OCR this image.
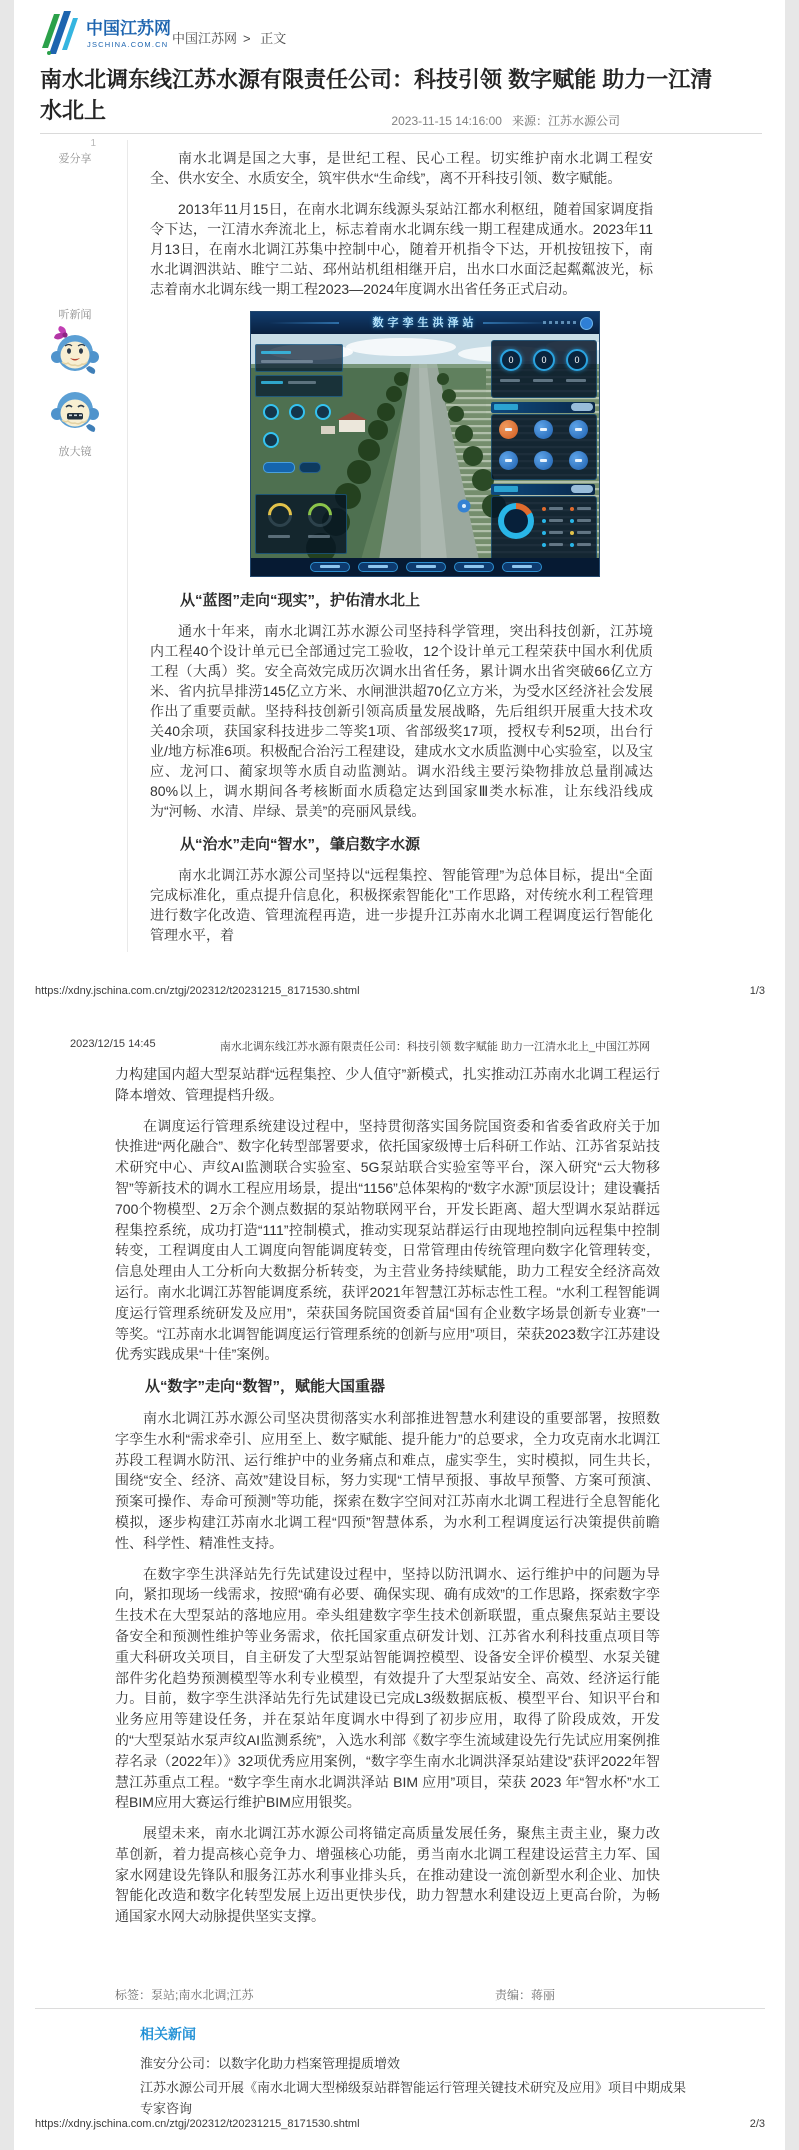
中国江苏网
JSCHINA.COM.CN 中国江苏网 > 正文
南水北调东线江苏水源有限责任公司：科技引领 数字赋能 助力一江清水北上	2023-11-15 14:16:00 来源：江苏水源公司
1
爱分享
听新闻

放大镜

南水北调是国之大事，是世纪工程、民心工程。切实维护南水北调工程安全、供水安全、水质安全，筑牢供水“生命线”，离不开科技引领、数字赋能。

2013年11月15日，在南水北调东线源头泵站江都水利枢纽，随着国家调度指令下达，一江清水奔流北上，标志着南水北调东线一期工程建成通水。2023年11月13日，在南水北调江苏集中控制中心，随着开机指令下达，开机按钮按下，南水北调泗洪站、睢宁二站、邳州站机组相继开启，出水口水面泛起粼粼波光，标志着南水北调东线一期工程2023—2024年度调水出省任务正式启动。

数字孪生洪泽站
0	0	0
从“蓝图”走向“现实”，护佑清水北上

通水十年来，南水北调江苏水源公司坚持科学管理，突出科技创新，江苏境内工程40个设计单元已全部通过完工验收，12个设计单元工程荣获中国水利优质工程（大禹）奖。安全高效完成历次调水出省任务，累计调水出省突破66亿立方米、省内抗旱排涝145亿立方米、水闸泄洪超70亿立方米，为受水区经济社会发展作出了重要贡献。坚持科技创新引领高质量发展战略，先后组织开展重大技术攻关40余项，获国家科技进步二等奖1项、省部级奖17项，授权专利52项，出台行业/地方标准6项。积极配合治污工程建设，建成水文水质监测中心实验室，以及宝应、龙河口、蔺家坝等水质自动监测站。调水沿线主要污染物排放总量削减达80%以上，调水期间各考核断面水质稳定达到国家Ⅲ类水标准，让东线沿线成为“河畅、水清、岸绿、景美”的亮丽风景线。

从“治水”走向“智水”，肇启数字水源

南水北调江苏水源公司坚持以“远程集控、智能管理”为总体目标，提出“全面完成标准化，重点提升信息化，积极探索智能化”工作思路，对传统水利工程管理进行数字化改造、管理流程再造，进一步提升江苏南水北调工程调度运行智能化管理水平，着

https://xdny.jschina.com.cn/ztgj/202312/t20231215_8171530.shtml	1/3
2023/12/15 14:45	南水北调东线江苏水源有限责任公司：科技引领 数字赋能 助力一江清水北上_中国江苏网

力构建国内超大型泵站群“远程集控、少人值守”新模式，扎实推动江苏南水北调工程运行降本增效、管理提档升级。

在调度运行管理系统建设过程中，坚持贯彻落实国务院国资委和省委省政府关于加快推进“两化融合”、数字化转型部署要求，依托国家级博士后科研工作站、江苏省泵站技术研究中心、声纹AI监测联合实验室、5G泵站联合实验室等平台，深入研究“云大物移智”等新技术的调水工程应用场景，提出“1156”总体架构的“数字水源”顶层设计；建设囊括700个物模型、2万余个测点数据的泵站物联网平台，开发长距离、超大型调水泵站群远程集控系统，成功打造“111”控制模式，推动实现泵站群运行由现地控制向远程集中控制转变，工程调度由人工调度向智能调度转变，日常管理由传统管理向数字化管理转变，信息处理由人工分析向大数据分析转变，为主营业务持续赋能，助力工程安全经济高效运行。南水北调江苏智能调度系统，获评2021年智慧江苏标志性工程。“水利工程智能调度运行管理系统研发及应用”，荣获国务院国资委首届“国有企业数字场景创新专业赛”一等奖。“江苏南水北调智能调度运行管理系统的创新与应用”项目，荣获2023数字江苏建设优秀实践成果“十佳”案例。

从“数字”走向“数智”，赋能大国重器

南水北调江苏水源公司坚决贯彻落实水利部推进智慧水利建设的重要部署，按照数字孪生水利“需求牵引、应用至上、数字赋能、提升能力”的总要求，全力攻克南水北调江苏段工程调水防汛、运行维护中的业务痛点和难点，虚实孪生，实时模拟，同生共长，围绕“安全、经济、高效”建设目标，努力实现“工情早预报、事故早预警、方案可预演、预案可操作、寿命可预测”等功能，探索在数字空间对江苏南水北调工程进行全息智能化模拟，逐步构建江苏南水北调工程“四预”智慧体系，为水利工程调度运行决策提供前瞻性、科学性、精准性支持。

在数字孪生洪泽站先行先试建设过程中，坚持以防汛调水、运行维护中的问题为导向，紧扣现场一线需求，按照“确有必要、确保实现、确有成效”的工作思路，探索数字孪生技术在大型泵站的落地应用。牵头组建数字孪生技术创新联盟，重点聚焦泵站主要设备安全和预测性维护等业务需求，依托国家重点研发计划、江苏省水利科技重点项目等重大科研攻关项目，自主研发了大型泵站智能调控模型、设备安全评价模型、水泵关键部件劣化趋势预测模型等水利专业模型，有效提升了大型泵站安全、高效、经济运行能力。目前，数字孪生洪泽站先行先试建设已完成L3级数据底板、模型平台、知识平台和业务应用等建设任务，并在泵站年度调水中得到了初步应用，取得了阶段成效，开发的“大型泵站水泵声纹AI监测系统”，入选水利部《数字孪生流域建设先行先试应用案例推荐名录（2022年）》32项优秀应用案例，“数字孪生南水北调洪泽泵站建设”获评2022年智慧江苏重点工程。“数字孪生南水北调洪泽站 BIM 应用”项目，荣获 2023 年“智水杯”水工程BIM应用大赛运行维护BIM应用银奖。

展望未来，南水北调江苏水源公司将锚定高质量发展任务，聚焦主责主业，聚力改革创新，着力提高核心竞争力、增强核心功能，勇当南水北调工程建设运营主力军、国家水网建设先锋队和服务江苏水利事业排头兵，在推动建设一流创新型水利企业、加快智能化改造和数字化转型发展上迈出更快步伐，助力智慧水利建设迈上更高台阶，为畅通国家水网大动脉提供坚实支撑。

标签：泵站;南水北调;江苏	责编：蒋丽
相关新闻
淮安分公司：以数字化助力档案管理提质增效
江苏水源公司开展《南水北调大型梯级泵站群智能运行管理关键技术研究及应用》项目中期成果专家咨询
https://xdny.jschina.com.cn/ztgj/202312/t20231215_8171530.shtml	2/3
